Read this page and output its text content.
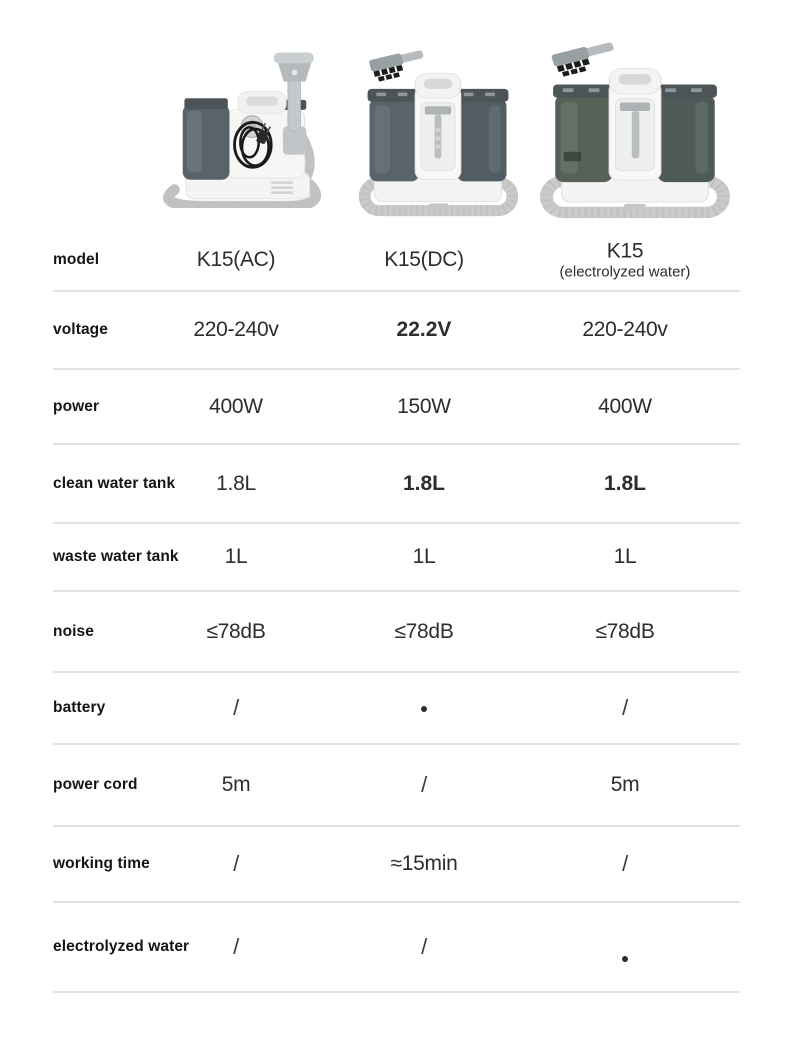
model	K15(AC)	K15(DC)	K15
(electrolyzed water)
voltage	220-240v	22.2V	220-240v
power	400W	150W	400W
clean water tank	1.8L	1.8L	1.8L
waste water tank	1L	1L	1L
noise	≤78dB	≤78dB	≤78dB
battery	/	●	/
power cord	5m	/	5m
working time	/	≈15min	/
electrolyzed water	/	/	●
